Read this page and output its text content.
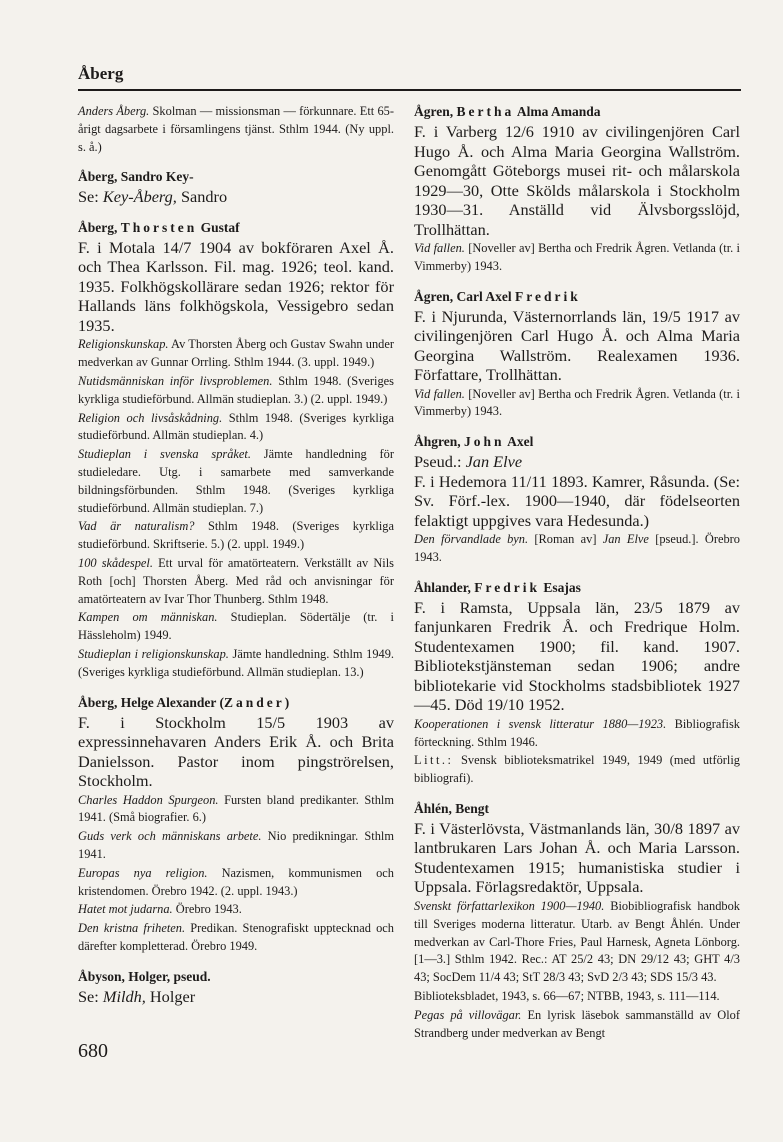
Åberg
Anders Åberg. Skolman — missionsman — förkunnare. Ett 65-årigt dagsarbete i församlingens tjänst. Sthlm 1944. (Ny uppl. s. å.)
Åberg, Sandro Key-
Se: Key-Åberg, Sandro
Åberg, Thorsten Gustaf
F. i Motala 14/7 1904 av bokföraren Axel Å. och Thea Karlsson. Fil. mag. 1926; teol. kand. 1935. Folkhögskollärare sedan 1926; rektor för Hallands läns folkhögskola, Vessigebro sedan 1935.
Religionskunskap. Av Thorsten Åberg och Gustav Swahn under medverkan av Gunnar Orrling. Sthlm 1944. (3. uppl. 1949.)
Nutidsmänniskan inför livsproblemen. Sthlm 1948. (Sveriges kyrkliga studieförbund. Allmän studieplan. 3.) (2. uppl. 1949.)
Religion och livsåskådning. Sthlm 1948. (Sveriges kyrkliga studieförbund. Allmän studieplan. 4.)
Studieplan i svenska språket. Jämte handledning för studieledare. Utg. i samarbete med samverkande bildningsförbunden. Sthlm 1948. (Sveriges kyrkliga studieförbund. Allmän studieplan. 7.)
Vad är naturalism? Sthlm 1948. (Sveriges kyrkliga studieförbund. Skriftserie. 5.) (2. uppl. 1949.)
100 skådespel. Ett urval för amatörteatern. Verkställt av Nils Roth [och] Thorsten Åberg. Med råd och anvisningar för amatörteatern av Ivar Thor Thunberg. Sthlm 1948.
Kampen om människan. Studieplan. Södertälje (tr. i Hässleholm) 1949.
Studieplan i religionskunskap. Jämte handledning. Sthlm 1949. (Sveriges kyrkliga studieförbund. Allmän studieplan. 13.)
Åberg, Helge Alexander (Zander)
F. i Stockholm 15/5 1903 av expressinnehavaren Anders Erik Å. och Brita Danielsson. Pastor inom pingströrelsen, Stockholm.
Charles Haddon Spurgeon. Fursten bland predikanter. Sthlm 1941. (Små biografier. 6.)
Guds verk och människans arbete. Nio predikningar. Sthlm 1941.
Europas nya religion. Nazismen, kommunismen och kristendomen. Örebro 1942. (2. uppl. 1943.)
Hatet mot judarna. Örebro 1943.
Den kristna friheten. Predikan. Stenografiskt upptecknad och därefter kompletterad. Örebro 1949.
Åbyson, Holger, pseud.
Se: Mildh, Holger
Ågren, Bertha Alma Amanda
F. i Varberg 12/6 1910 av civilingenjören Carl Hugo Å. och Alma Maria Georgina Wallström. Genomgått Göteborgs musei rit- och målarskola 1929—30, Otte Skölds målarskola i Stockholm 1930—31. Anställd vid Älvsborgsslöjd, Trollhättan.
Vid fallen. [Noveller av] Bertha och Fredrik Ågren. Vetlanda (tr. i Vimmerby) 1943.
Ågren, Carl Axel Fredrik
F. i Njurunda, Västernorrlands län, 19/5 1917 av civilingenjören Carl Hugo Å. och Alma Maria Georgina Wallström. Realexamen 1936. Författare, Trollhättan.
Vid fallen. [Noveller av] Bertha och Fredrik Ågren. Vetlanda (tr. i Vimmerby) 1943.
Åhgren, John Axel
Pseud.: Jan Elve
F. i Hedemora 11/11 1893. Kamrer, Råsunda. (Se: Sv. Förf.-lex. 1900—1940, där födelseorten felaktigt uppgives vara Hedesunda.)
Den förvandlade byn. [Roman av] Jan Elve [pseud.]. Örebro 1943.
Åhlander, Fredrik Esajas
F. i Ramsta, Uppsala län, 23/5 1879 av fanjunkaren Fredrik Å. och Fredrique Holm. Studentexamen 1900; fil. kand. 1907. Bibliotekstjänsteman sedan 1906; andre bibliotekarie vid Stockholms stadsbibliotek 1927—45. Död 19/10 1952.
Kooperationen i svensk litteratur 1880—1923. Bibliografisk förteckning. Sthlm 1946.
Litt.: Svensk biblioteksmatrikel 1949, 1949 (med utförlig bibliografi).
Åhlén, Bengt
F. i Västerlövsta, Västmanlands län, 30/8 1897 av lantbrukaren Lars Johan Å. och Maria Larsson. Studentexamen 1915; humanistiska studier i Uppsala. Förlagsredaktör, Uppsala.
Svenskt författarlexikon 1900—1940. Biobibliografisk handbok till Sveriges moderna litteratur. Utarb. av Bengt Åhlén. Under medverkan av Carl-Thore Fries, Paul Harnesk, Agneta Lönborg. [1—3.] Sthlm 1942. Rec.: AT 25/2 43; DN 29/12 43; GHT 4/3 43; SocDem 11/4 43; StT 28/3 43; SvD 2/3 43; SDS 15/3 43.
Biblioteksbladet, 1943, s. 66—67; NTBB, 1943, s. 111—114.
Pegas på villovägar. En lyrisk läsebok sammanställd av Olof Strandberg under medverkan av Bengt
680
